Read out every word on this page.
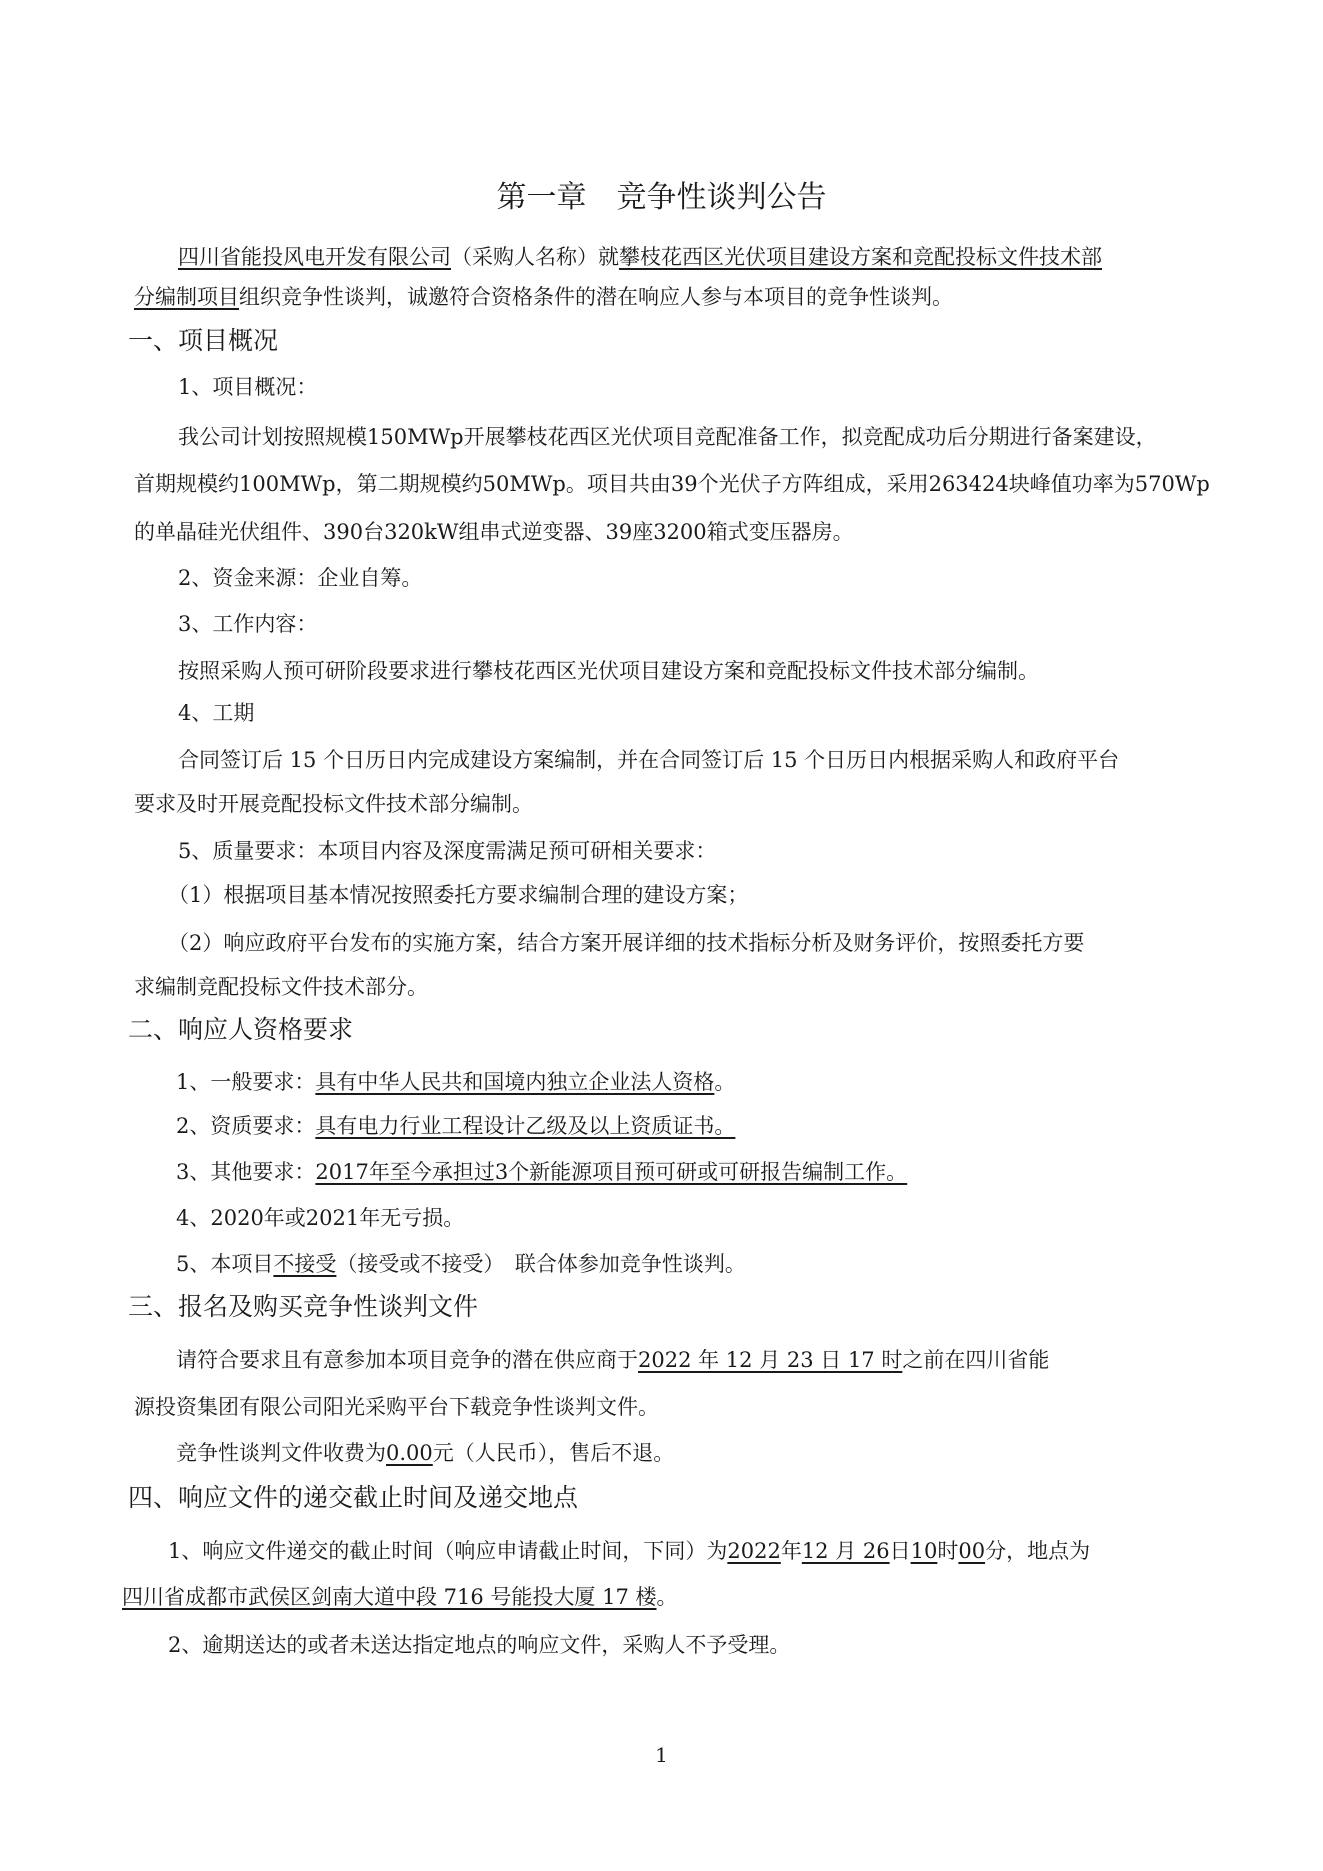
第一章　竞争性谈判公告
四川省能投风电开发有限公司（采购人名称）就攀枝花西区光伏项目建设方案和竞配投标文件技术部
分编制项目组织竞争性谈判，诚邀符合资格条件的潜在响应人参与本项目的竞争性谈判。
一、项目概况
1、项目概况：
我公司计划按照规模150MWp开展攀枝花西区光伏项目竞配准备工作，拟竞配成功后分期进行备案建设，
首期规模约100MWp，第二期规模约50MWp。项目共由39个光伏子方阵组成，采用263424块峰值功率为570Wp
的单晶硅光伏组件、390台320kW组串式逆变器、39座3200箱式变压器房。
2、资金来源：企业自筹。
3、工作内容：
按照采购人预可研阶段要求进行攀枝花西区光伏项目建设方案和竞配投标文件技术部分编制。
4、工期
合同签订后 15 个日历日内完成建设方案编制，并在合同签订后 15 个日历日内根据采购人和政府平台
要求及时开展竞配投标文件技术部分编制。
5、质量要求：本项目内容及深度需满足预可研相关要求：
（1）根据项目基本情况按照委托方要求编制合理的建设方案；
（2）响应政府平台发布的实施方案，结合方案开展详细的技术指标分析及财务评价，按照委托方要
求编制竞配投标文件技术部分。
二、响应人资格要求
1、一般要求：具有中华人民共和国境内独立企业法人资格。
2、资质要求：具有电力行业工程设计乙级及以上资质证书。
3、其他要求：2017年至今承担过3个新能源项目预可研或可研报告编制工作。
4、2020年或2021年无亏损。
5、本项目不接受（接受或不接受）　联合体参加竞争性谈判。
三、报名及购买竞争性谈判文件
请符合要求且有意参加本项目竞争的潜在供应商于2022 年 12 月 23 日 17 时之前在四川省能
源投资集团有限公司阳光采购平台下载竞争性谈判文件。
竞争性谈判文件收费为0.00元（人民币），售后不退。
四、响应文件的递交截止时间及递交地点
1、响应文件递交的截止时间（响应申请截止时间，下同）为2022年12 月 26日10时00分，地点为
四川省成都市武侯区剑南大道中段 716 号能投大厦 17 楼。
2、逾期送达的或者未送达指定地点的响应文件，采购人不予受理。
1
